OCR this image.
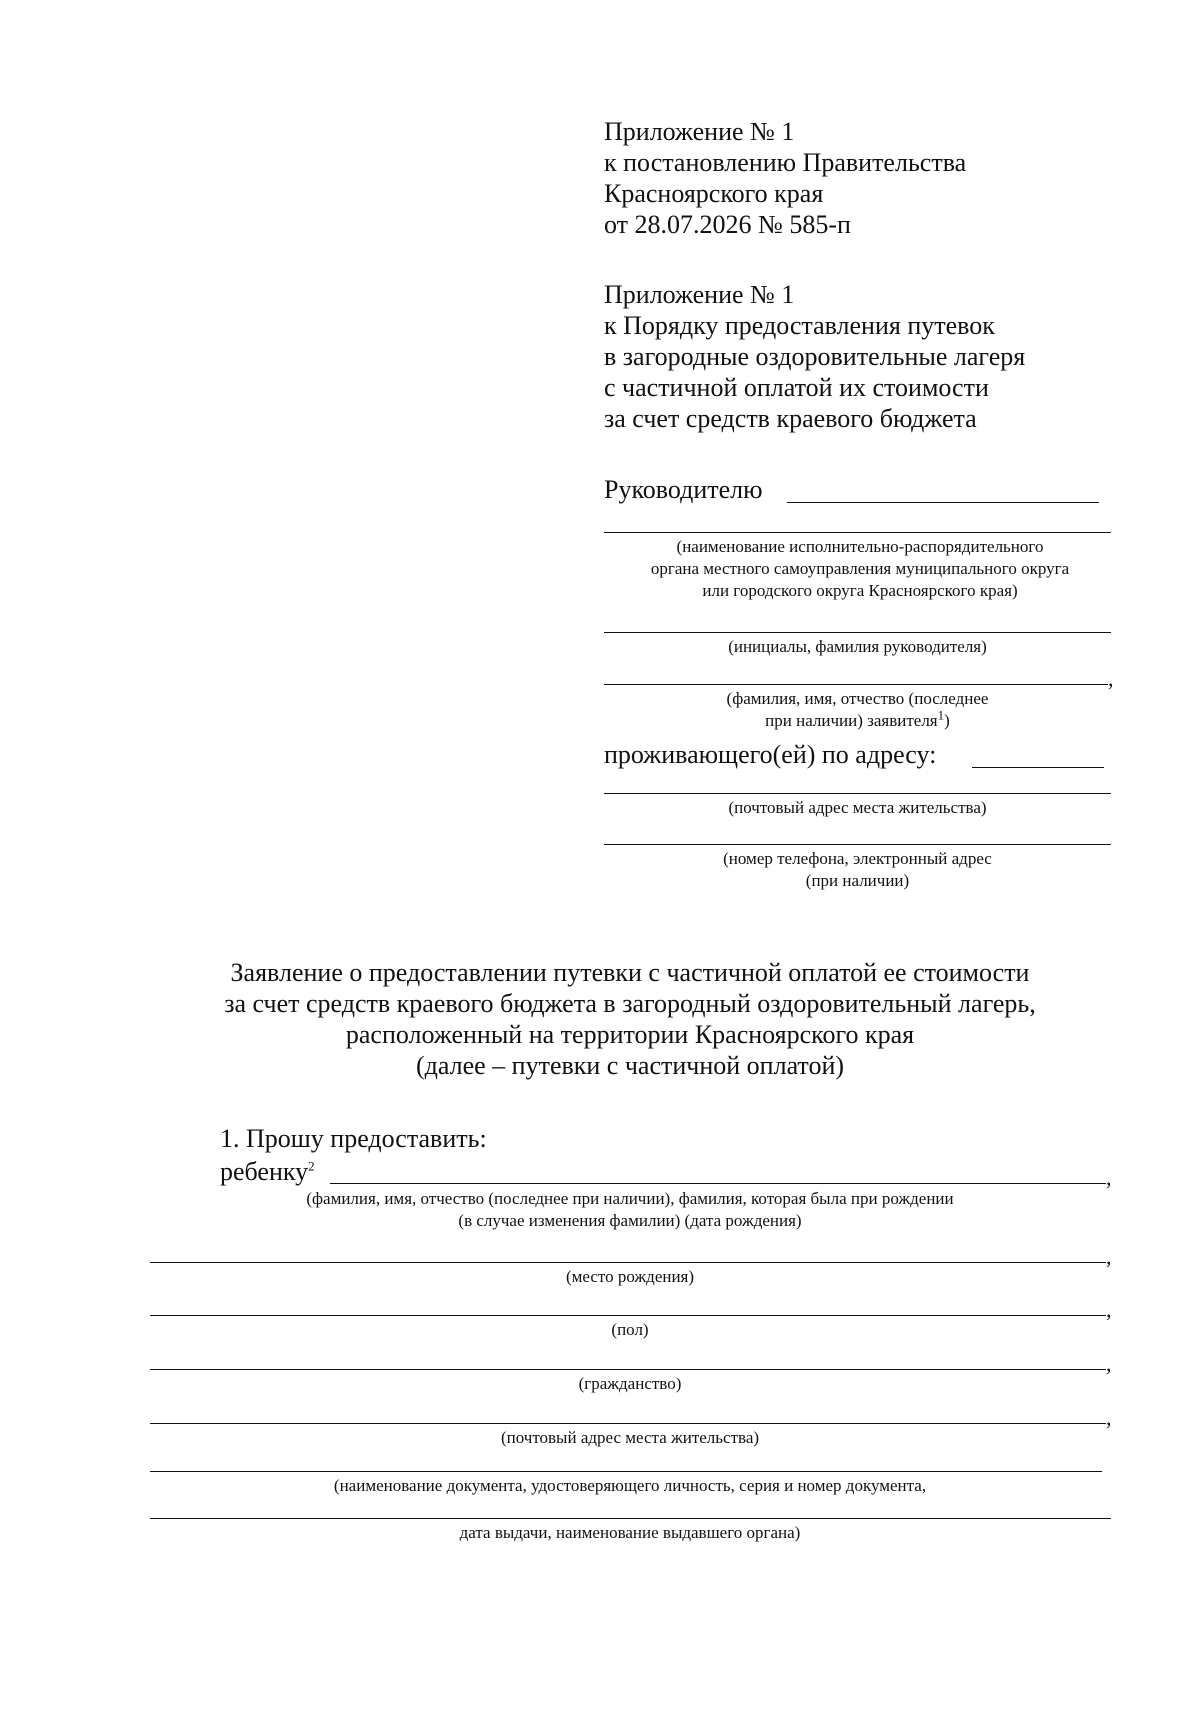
Приложение № 1
к постановлению Правительства
Красноярского края
от 28.07.2026 № 585-п
Приложение № 1
к Порядку предоставления путевок
в загородные оздоровительные лагеря
с частичной оплатой их стоимости
за счет средств краевого бюджета
Руководителю
(наименование исполнительно-распорядительного
органа местного самоуправления муниципального округа
или городского округа Красноярского края)
(инициалы, фамилия руководителя)
,
(фамилия, имя, отчество (последнее
при наличии) заявителя$^1$)
проживающего(ей) по адресу:
(почтовый адрес места жительства)
(номер телефона, электронный адрес
(при наличии)
Заявление о предоставлении путевки с частичной оплатой ее стоимости
за счет средств краевого бюджета в загородный оздоровительный лагерь,
расположенный на территории Красноярского края
(далее – путевки с частичной оплатой)
1. Прошу предоставить:
ребенку$^2$	,
(фамилия, имя, отчество (последнее при наличии), фамилия, которая была при рождении
(в случае изменения фамилии) (дата рождения)
,
(место рождения)
,
(пол)
,
(гражданство)
,
(почтовый адрес места жительства)
(наименование документа, удостоверяющего личность, серия и номер документа,
дата выдачи, наименование выдавшего органа)
